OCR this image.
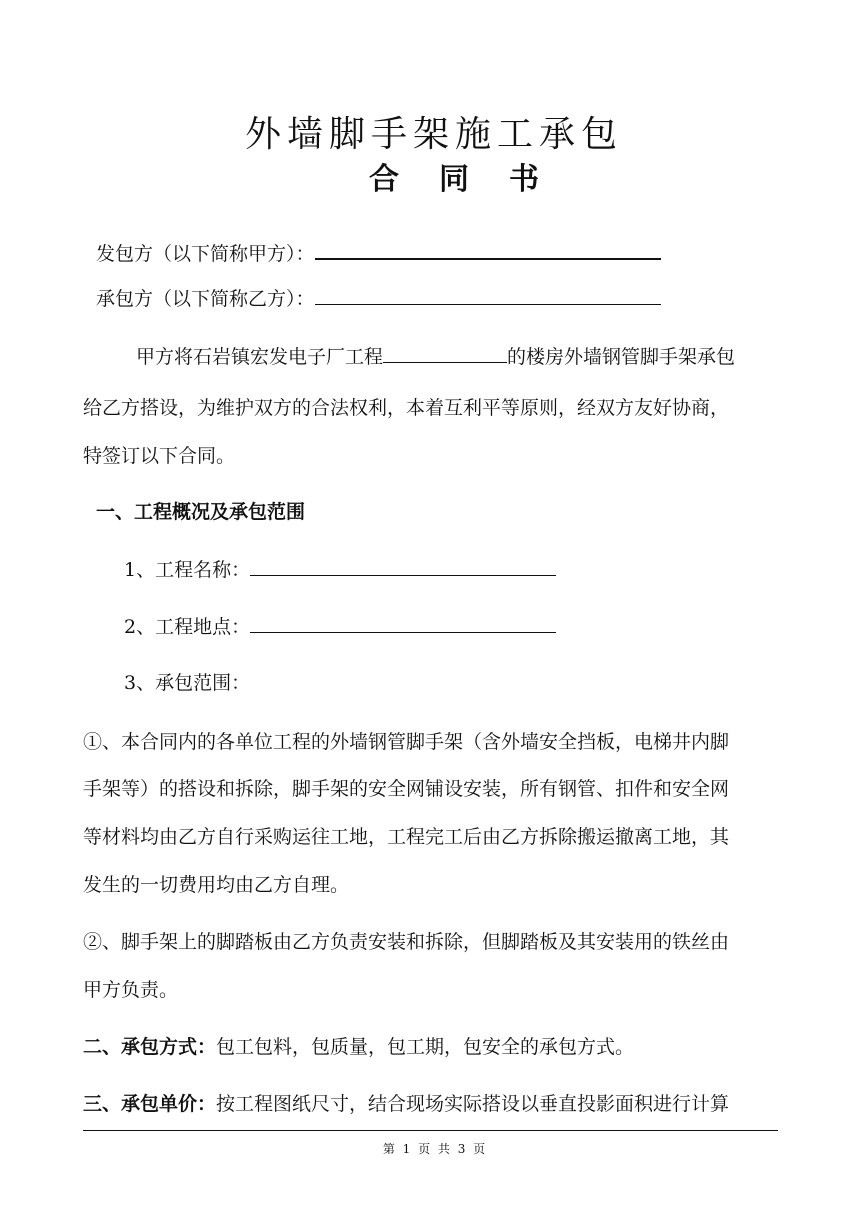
外墙脚手架施工承包
合同书

发包方（以下简称甲方）：

承包方（以下简称乙方）：

甲方将石岩镇宏发电子厂工程	的楼房外墙钢管脚手架承包

给乙方搭设，为维护双方的合法权利，本着互利平等原则，经双方友好协商，

特签订以下合同。

一、工程概况及承包范围

1、工程名称：

2、工程地点：

3、承包范围：

①、本合同内的各单位工程的外墙钢管脚手架（含外墙安全挡板，电梯井内脚

手架等）的搭设和拆除，脚手架的安全网铺设安装，所有钢管、扣件和安全网

等材料均由乙方自行采购运往工地，工程完工后由乙方拆除搬运撤离工地，其

发生的一切费用均由乙方自理。

②、脚手架上的脚踏板由乙方负责安装和拆除，但脚踏板及其安装用的铁丝由

甲方负责。

二、承包方式：包工包料，包质量，包工期，包安全的承包方式。

三、承包单价：按工程图纸尺寸，结合现场实际搭设以垂直投影面积进行计算

第 1 页 共 3 页
